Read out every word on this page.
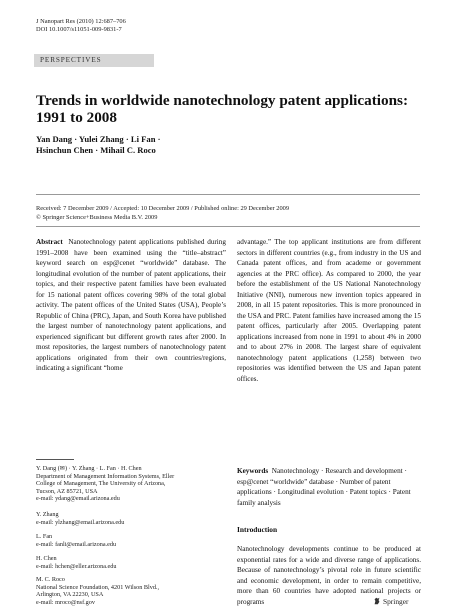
J Nanopart Res (2010) 12:687–706
DOI 10.1007/s11051-009-9831-7
PERSPECTIVES
Trends in worldwide nanotechnology patent applications: 1991 to 2008
Yan Dang · Yulei Zhang · Li Fan ·
Hsinchun Chen · Mihail C. Roco
Received: 7 December 2009 / Accepted: 10 December 2009 / Published online: 29 December 2009
© Springer Science+Business Media B.V. 2009
Abstract Nanotechnology patent applications published during 1991–2008 have been examined using the “title–abstract” keyword search on esp@cenet “worldwide” database. The longitudinal evolution of the number of patent applications, their topics, and their respective patent families have been evaluated for 15 national patent offices covering 98% of the total global activity. The patent offices of the United States (USA), People’s Republic of China (PRC), Japan, and South Korea have published the largest number of nanotechnology patent applications, and experienced significant but different growth rates after 2000. In most repositories, the largest numbers of nanotechnology patent applications originated from their own countries/regions, indicating a significant “home
advantage.” The top applicant institutions are from different sectors in different countries (e.g., from industry in the US and Canada patent offices, and from academe or government agencies at the PRC office). As compared to 2000, the year before the establishment of the US National Nanotechnology Initiative (NNI), numerous new invention topics appeared in 2008, in all 15 patent repositories. This is more pronounced in the USA and PRC. Patent families have increased among the 15 patent offices, particularly after 2005. Overlapping patent applications increased from none in 1991 to about 4% in 2000 and to about 27% in 2008. The largest share of equivalent nanotechnology patent applications (1,258) between two repositories was identified between the US and Japan patent offices.
Y. Dang (✉) · Y. Zhang · L. Fan · H. Chen
Department of Management Information Systems, Eller
College of Management, The University of Arizona,
Tucson, AZ 85721, USA
e-mail: ydang@email.arizona.edu
Y. Zhang
e-mail: ylzhang@email.arizona.edu
L. Fan
e-mail: fanli@email.arizona.edu
H. Chen
e-mail: hchen@eller.arizona.edu
M. C. Roco
National Science Foundation, 4201 Wilson Blvd.,
Arlington, VA 22230, USA
e-mail: mroco@nsf.gov
Keywords Nanotechnology · Research and development · esp@cenet “worldwide” database · Number of patent applications · Longitudinal evolution · Patent topics · Patent family analysis
Introduction
Nanotechnology developments continue to be produced at exponential rates for a wide and diverse range of applications. Because of nanotechnology’s pivotal role in future scientific and economic development, in order to remain competitive, more than 60 countries have adopted national projects or programs	Springer
